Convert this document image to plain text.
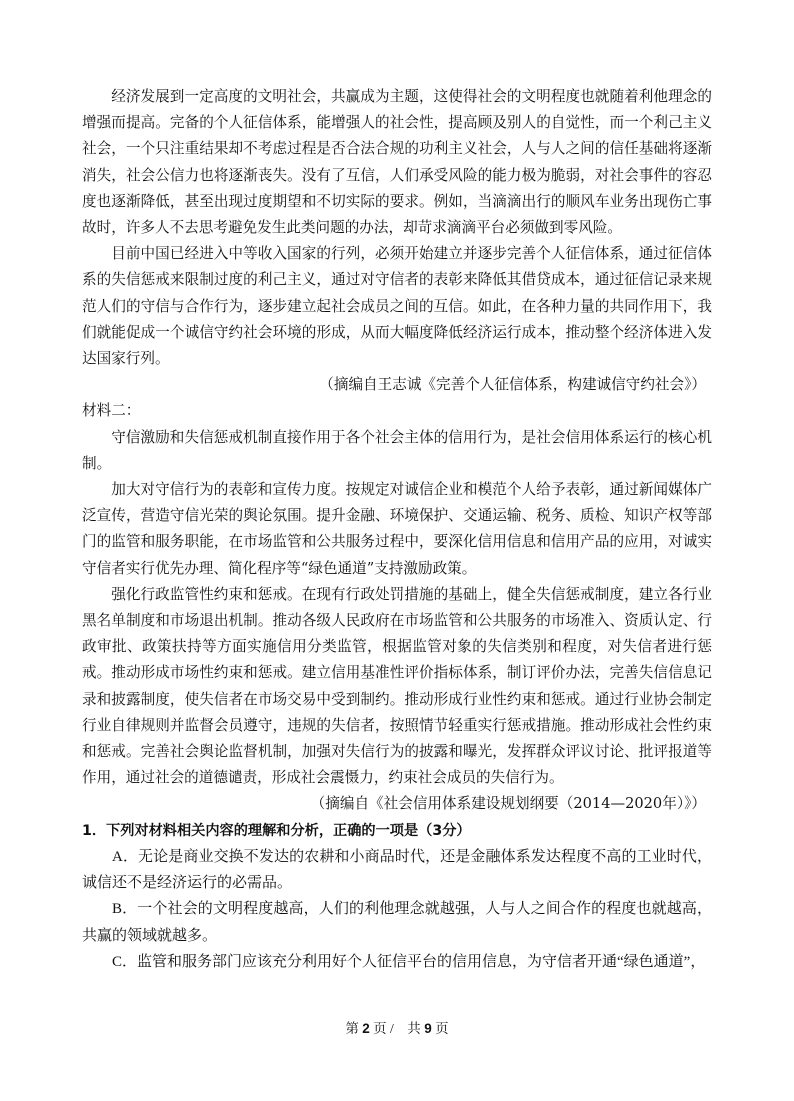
经济发展到一定高度的文明社会，共赢成为主题，这使得社会的文明程度也就随着利他理念的增强而提高。完备的个人征信体系，能增强人的社会性，提高顾及别人的自觉性，而一个利己主义社会，一个只注重结果却不考虑过程是否合法合规的功利主义社会，人与人之间的信任基础将逐渐消失，社会公信力也将逐渐丧失。没有了互信，人们承受风险的能力极为脆弱，对社会事件的容忍度也逐渐降低，甚至出现过度期望和不切实际的要求。例如，当滴滴出行的顺风车业务出现伤亡事故时，许多人不去思考避免发生此类问题的办法，却苛求滴滴平台必须做到零风险。

目前中国已经进入中等收入国家的行列，必须开始建立并逐步完善个人征信体系，通过征信体系的失信惩戒来限制过度的利己主义，通过对守信者的表彰来降低其借贷成本，通过征信记录来规范人们的守信与合作行为，逐步建立起社会成员之间的互信。如此，在各种力量的共同作用下，我们就能促成一个诚信守约社会环境的形成，从而大幅度降低经济运行成本，推动整个经济体进入发达国家行列。

（摘编自王志诚《完善个人征信体系，构建诚信守约社会》）

材料二：

守信激励和失信惩戒机制直接作用于各个社会主体的信用行为，是社会信用体系运行的核心机制。

加大对守信行为的表彰和宣传力度。按规定对诚信企业和模范个人给予表彰，通过新闻媒体广泛宣传，营造守信光荣的舆论氛围。提升金融、环境保护、交通运输、税务、质检、知识产权等部门的监管和服务职能，在市场监管和公共服务过程中，要深化信用信息和信用产品的应用，对诚实守信者实行优先办理、简化程序等“绿色通道”支持激励政策。

强化行政监管性约束和惩戒。在现有行政处罚措施的基础上，健全失信惩戒制度，建立各行业黑名单制度和市场退出机制。推动各级人民政府在市场监管和公共服务的市场准入、资质认定、行政审批、政策扶持等方面实施信用分类监管，根据监管对象的失信类别和程度，对失信者进行惩戒。推动形成市场性约束和惩戒。建立信用基准性评价指标体系，制订评价办法，完善失信信息记录和披露制度，使失信者在市场交易中受到制约。推动形成行业性约束和惩戒。通过行业协会制定行业自律规则并监督会员遵守，违规的失信者，按照情节轻重实行惩戒措施。推动形成社会性约束和惩戒。完善社会舆论监督机制，加强对失信行为的披露和曝光，发挥群众评议讨论、批评报道等作用，通过社会的道德谴责，形成社会震慑力，约束社会成员的失信行为。

（摘编自《社会信用体系建设规划纲要（2014—2020年）》）

1．下列对材料相关内容的理解和分析，正确的一项是（3分）

A．无论是商业交换不发达的农耕和小商品时代，还是金融体系发达程度不高的工业时代，诚信还不是经济运行的必需品。

B．一个社会的文明程度越高，人们的利他理念就越强，人与人之间合作的程度也就越高，共赢的领域就越多。

C．监管和服务部门应该充分利用好个人征信平台的信用信息，为守信者开通“绿色通道”，

第 2 页 /　共 9 页
